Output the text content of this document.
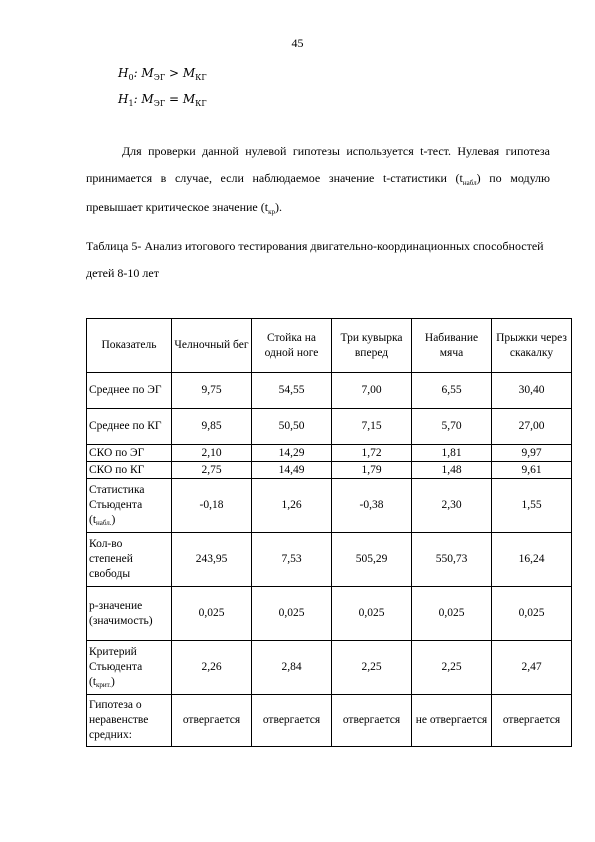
45
$H_0$: $M_{ЭГ} > M_{КГ}$
$H_1$: $M_{ЭГ} = M_{КГ}$

Для проверки данной нулевой гипотезы используется t-тест. Нулевая гипотеза принимается в случае, если наблюдаемое значение t-статистики $(t_{набл})$ по модулю превышает критическое значение $(t_{кр})$.

Таблица 5- Анализ итогового тестирования двигательно-координационных способностей детей 8-10 лет

Показатель	Челночный бег	Стойка на одной ноге	Три кувырка вперед	Набивание мяча	Прыжки через скакалку
Среднее по ЭГ	9,75	54,55	7,00	6,55	30,40
Среднее по КГ	9,85	50,50	7,15	5,70	27,00
СКО по ЭГ	2,10	14,29	1,72	1,81	9,97
СКО по КГ	2,75	14,49	1,79	1,48	9,61
Статистика Стьюдента (tнабл.)	-0,18	1,26	-0,38	2,30	1,55
Кол-во степеней свободы	243,95	7,53	505,29	550,73	16,24
p-значение (значимость)	0,025	0,025	0,025	0,025	0,025
Критерий Стьюдента (tкрит.)	2,26	2,84	2,25	2,25	2,47
Гипотеза о неравенстве средних:	отвергается	отвергается	отвергается	не отвергается	отвергается
